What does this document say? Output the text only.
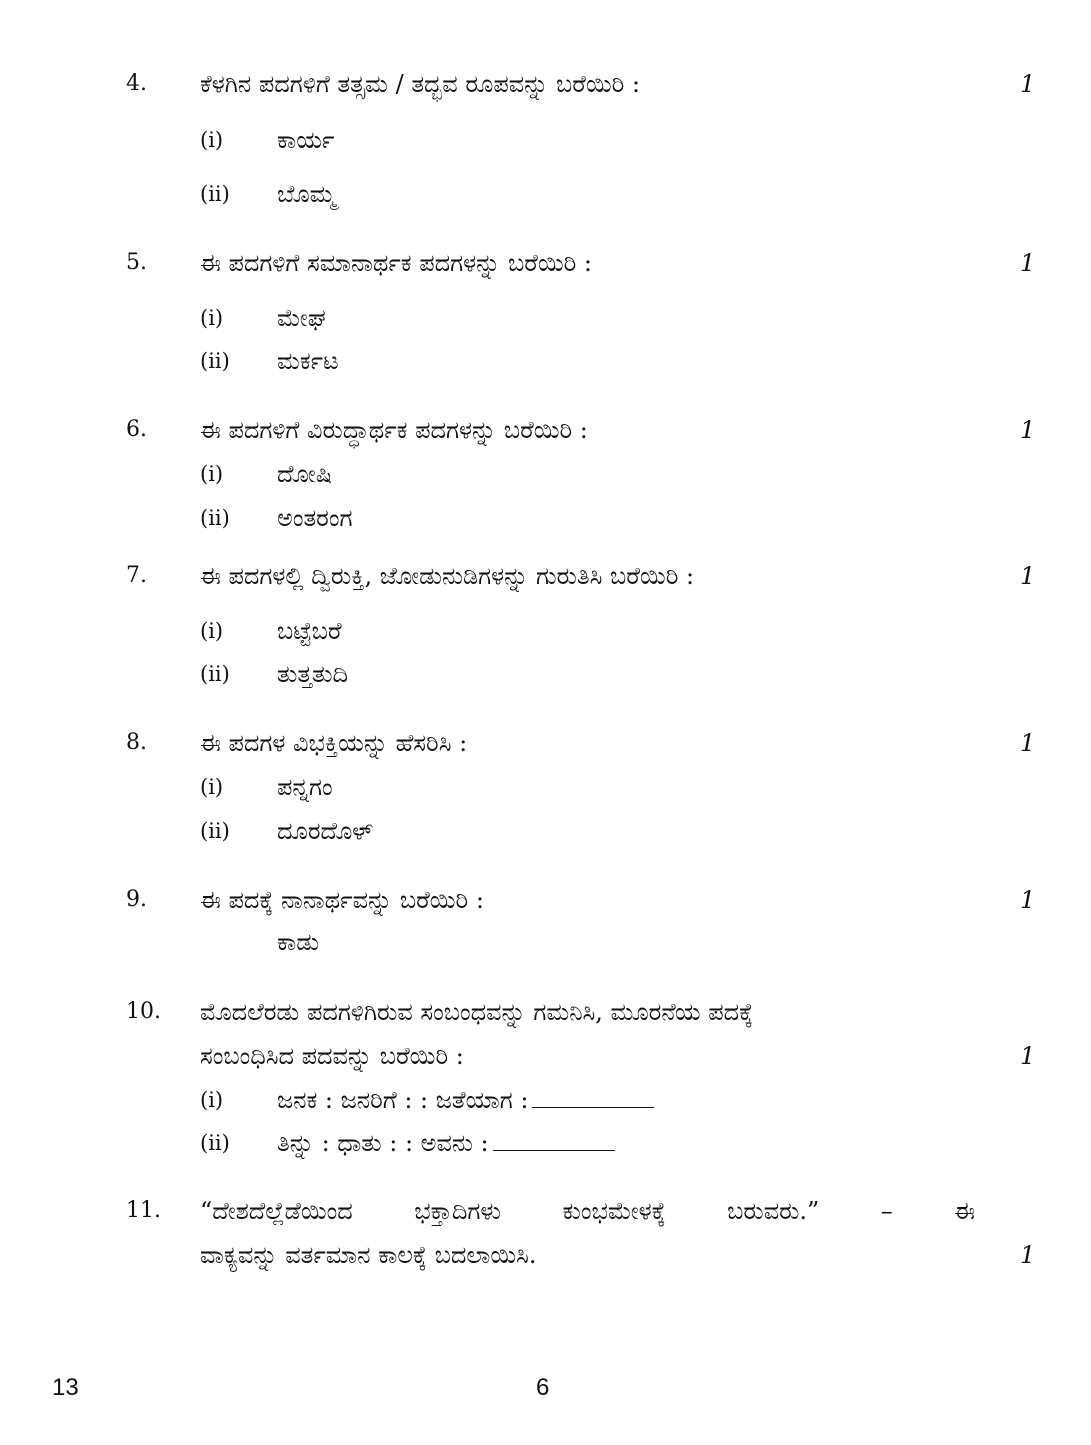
4. ಕೆಳಗಿನ ಪದಗಳಿಗೆ ತತ್ಸಮ / ತದ್ಭವ ರೂಪವನ್ನು ಬರೆಯಿರಿ :	1
(i) ಕಾರ್ಯ
(ii) ಬೊಮ್ಮ
5. ಈ ಪದಗಳಿಗೆ ಸಮಾನಾರ್ಥಕ ಪದಗಳನ್ನು ಬರೆಯಿರಿ :	1
(i) ಮೇಘ
(ii) ಮರ್ಕಟ
6. ಈ ಪದಗಳಿಗೆ ವಿರುದ್ಧಾರ್ಥಕ ಪದಗಳನ್ನು ಬರೆಯಿರಿ :	1
(i) ದೋಷಿ
(ii) ಅಂತರಂಗ
7. ಈ ಪದಗಳಲ್ಲಿ ದ್ವಿರುಕ್ತಿ, ಜೋಡುನುಡಿಗಳನ್ನು ಗುರುತಿಸಿ ಬರೆಯಿರಿ :	1
(i) ಬಟ್ಟೆಬರೆ
(ii) ತುತ್ತತುದಿ
8. ಈ ಪದಗಳ ವಿಭಕ್ತಿಯನ್ನು ಹೆಸರಿಸಿ :	1
(i) ಪನ್ನಗಂ
(ii) ದೂರದೊಳ್
9. ಈ ಪದಕ್ಕೆ ನಾನಾರ್ಥವನ್ನು ಬರೆಯಿರಿ :	1
ಕಾಡು
10. ಮೊದಲೆರಡು ಪದಗಳಿಗಿರುವ ಸಂಬಂಧವನ್ನು ಗಮನಿಸಿ, ಮೂರನೆಯ ಪದಕ್ಕೆ
ಸಂಬಂಧಿಸಿದ ಪದವನ್ನು ಬರೆಯಿರಿ :	1
(i) ಜನಕ : ಜನರಿಗೆ : : ಜತೆಯಾಗ :
(ii) ತಿನ್ನು : ಧಾತು : : ಅವನು :
11. “ದೇಶದೆಲ್ಲೆಡೆಯಿಂದ ಭಕ್ತಾದಿಗಳು ಕುಂಭಮೇಳಕ್ಕೆ ಬರುವರು.” – ಈ
ವಾಕ್ಯವನ್ನು ವರ್ತಮಾನ ಕಾಲಕ್ಕೆ ಬದಲಾಯಿಸಿ.	1
13	6
